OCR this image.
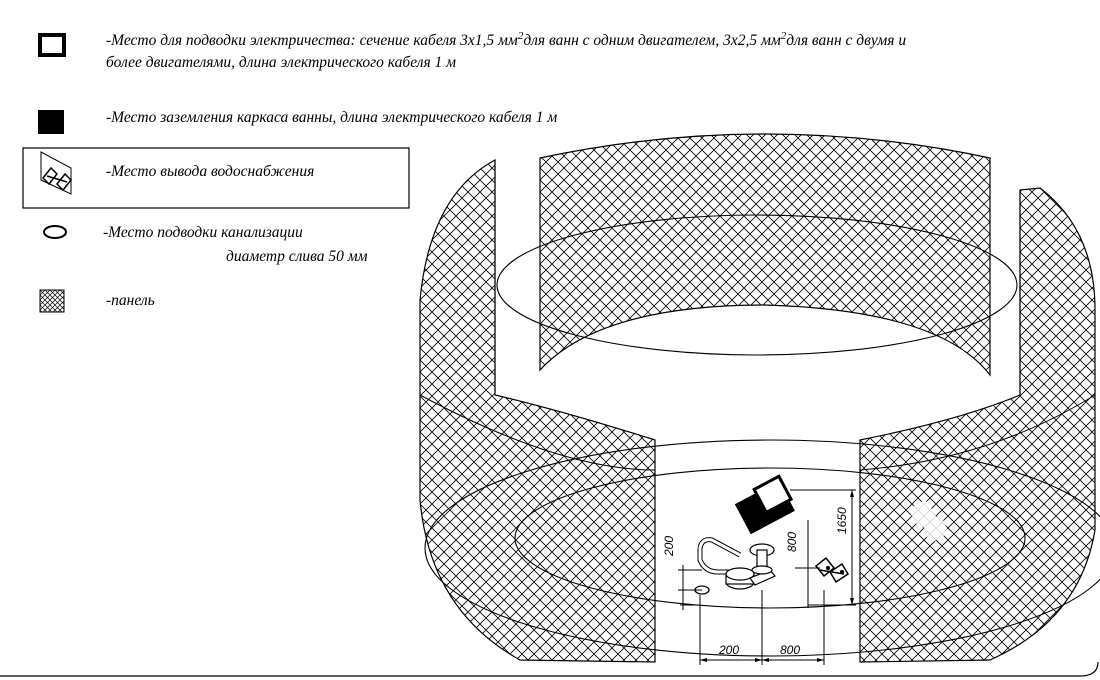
200	800
1650
200	800
-Место для подводки электричества: сечение кабеля 3х1,5 $мм^2для$ ванн с одним двигателем, 3х2,5 $мм^2для$ ванн с двумя и
более двигателями, длина электрического кабеля 1 м
-Место заземления каркаса ванны, длина электрического кабеля 1 м
-Место вывода водоснабжения
-Место подводки канализации
диаметр слива 50 мм
-панель
